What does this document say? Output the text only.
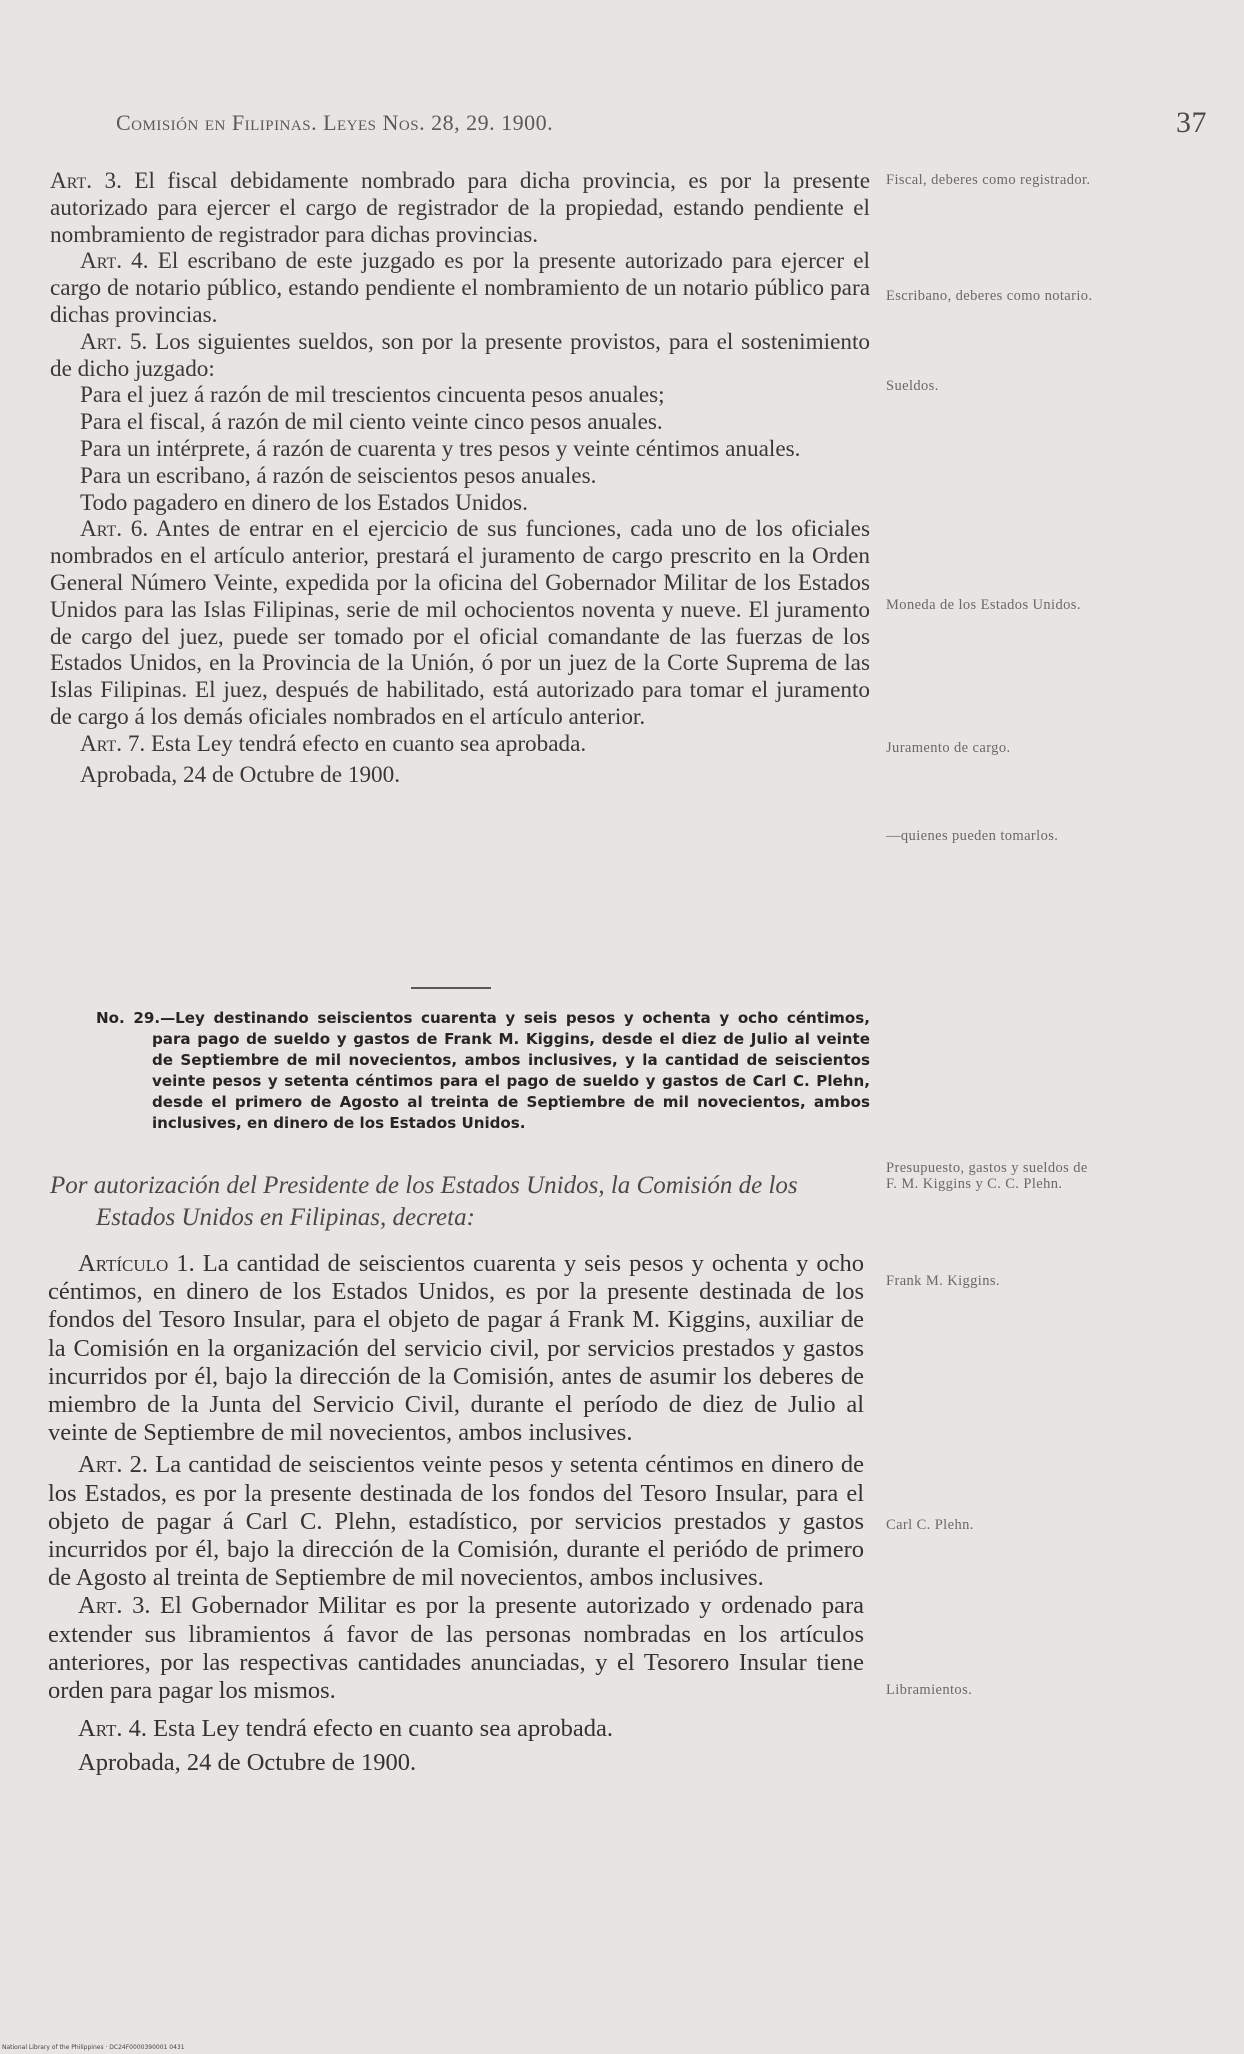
Comisión en Filipinas. Leyes Nos. 28, 29. 1900.	37

Art. 3. El fiscal debidamente nombrado para dicha provincia, es por la presente autorizado para ejercer el cargo de registrador de la propiedad, estando pendiente el nombramiento de registrador para dichas provincias.

Art. 4. El escribano de este juzgado es por la presente autorizado para ejercer el cargo de notario público, estando pendiente el nombramiento de un notario público para dichas provincias.

Art. 5. Los siguientes sueldos, son por la presente provistos, para el sostenimiento de dicho juzgado:

Para el juez á razón de mil trescientos cincuenta pesos anuales;

Para el fiscal, á razón de mil ciento veinte cinco pesos anuales.

Para un intérprete, á razón de cuarenta y tres pesos y veinte céntimos anuales.

Para un escribano, á razón de seiscientos pesos anuales.

Todo pagadero en dinero de los Estados Unidos.

Art. 6. Antes de entrar en el ejercicio de sus funciones, cada uno de los oficiales nombrados en el artículo anterior, prestará el juramento de cargo prescrito en la Orden General Número Veinte, expedida por la oficina del Gobernador Militar de los Estados Unidos para las Islas Filipinas, serie de mil ochocientos noventa y nueve. El juramento de cargo del juez, puede ser tomado por el oficial comandante de las fuerzas de los Estados Unidos, en la Provincia de la Unión, ó por un juez de la Corte Suprema de las Islas Filipinas. El juez, después de habilitado, está autorizado para tomar el juramento de cargo á los demás oficiales nombrados en el artículo anterior.

Art. 7. Esta Ley tendrá efecto en cuanto sea aprobada.

Aprobada, 24 de Octubre de 1900.

No. 29.—Ley destinando seiscientos cuarenta y seis pesos y ochenta y ocho céntimos, para pago de sueldo y gastos de Frank M. Kiggins, desde el diez de Julio al veinte de Septiembre de mil novecientos, ambos inclusives, y la cantidad de seiscientos veinte pesos y setenta céntimos para el pago de sueldo y gastos de Carl C. Plehn, desde el primero de Agosto al treinta de Septiembre de mil novecientos, ambos inclusives, en dinero de los Estados Unidos.

Por autorización del Presidente de los Estados Unidos, la Comisión de los Estados Unidos en Filipinas, decreta:

Artículo 1. La cantidad de seiscientos cuarenta y seis pesos y ochenta y ocho céntimos, en dinero de los Estados Unidos, es por la presente destinada de los fondos del Tesoro Insular, para el objeto de pagar á Frank M. Kiggins, auxiliar de la Comisión en la organización del servicio civil, por servicios prestados y gastos incurridos por él, bajo la dirección de la Comisión, antes de asumir los deberes de miembro de la Junta del Servicio Civil, durante el período de diez de Julio al veinte de Septiembre de mil novecientos, ambos inclusives.

Art. 2. La cantidad de seiscientos veinte pesos y setenta céntimos en dinero de los Estados, es por la presente destinada de los fondos del Tesoro Insular, para el objeto de pagar á Carl C. Plehn, estadístico, por servicios prestados y gastos incurridos por él, bajo la dirección de la Comisión, durante el periódo de primero de Agosto al treinta de Septiembre de mil novecientos, ambos inclusives.

Art. 3. El Gobernador Militar es por la presente autorizado y ordenado para extender sus libramientos á favor de las personas nombradas en los artículos anteriores, por las respectivas cantidades anunciadas, y el Tesorero Insular tiene orden para pagar los mismos.

Art. 4. Esta Ley tendrá efecto en cuanto sea aprobada.

Aprobada, 24 de Octubre de 1900.

Fiscal, deberes como registrador.
Escribano, deberes como notario.
Sueldos.
Moneda de los Estados Unidos.
Juramento de cargo.
—quienes pueden tomarlos.
Presupuesto, gastos y sueldos de F. M. Kiggins y C. C. Plehn.
Frank M. Kiggins.
Carl C. Plehn.
Libramientos.
National Library of the Philippines · DC24F0000390001 0431
